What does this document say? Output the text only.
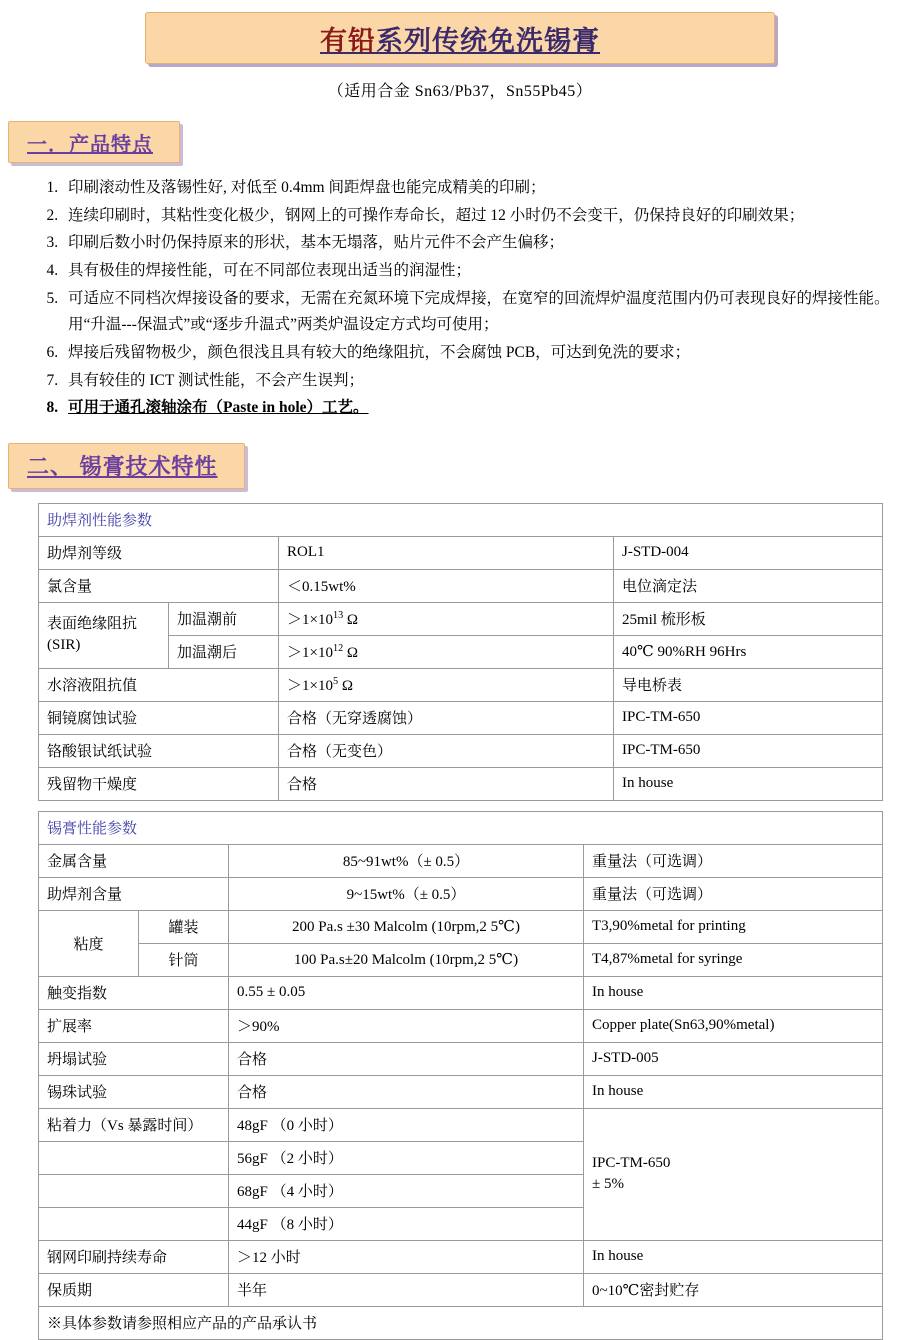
有铅系列传统免洗锡膏
（适用合金 Sn63/Pb37，Sn55Pb45）
一．产品特点
1. 印刷滚动性及落锡性好, 对低至 0.4mm 间距焊盘也能完成精美的印刷；
2. 连续印刷时，其粘性变化极少，钢网上的可操作寿命长，超过 12 小时仍不会变干，仍保持良好的印刷效果；
3. 印刷后数小时仍保持原来的形状，基本无塌落，贴片元件不会产生偏移；
4. 具有极佳的焊接性能，可在不同部位表现出适当的润湿性；
5. 可适应不同档次焊接设备的要求，无需在充氮环境下完成焊接，在宽窄的回流焊炉温度范围内仍可表现良好的焊接性能。用“升温---保温式”或“逐步升温式”两类炉温设定方式均可使用；
6. 焊接后残留物极少，颜色很浅且具有较大的绝缘阻抗，不会腐蚀 PCB，可达到免洗的要求；
7. 具有较佳的 ICT 测试性能，不会产生误判；
8. 可用于通孔滚轴涂布（Paste in hole）工艺。
二、 锡膏技术特性
助焊剂性能参数			
助焊剂等级		ROL1	J-STD-004
氯含量		＜0.15wt%	电位滴定法
表面绝缘阻抗
(SIR)	加温潮前	$>1\times 10^{13}$ Ω	25mil 梳形板
	加温潮后	$>1\times 10^{12}$ Ω	40℃ 90%RH 96Hrs
水溶液阻抗值		$>1\times 10^5$ Ω	导电桥表
铜镜腐蚀试验		合格（无穿透腐蚀）	IPC-TM-650
铬酸银试纸试验		合格（无变色）	IPC-TM-650
残留物干燥度		合格	In house
锡膏性能参数			
金属含量		85~91wt%（± 0.5）	重量法（可选调）
助焊剂含量		9~15wt%（± 0.5）	重量法（可选调）
粘度	罐装	200 Pa.s ±30 Malcolm (10rpm,2 5℃)	T3,90%metal for printing
	针筒	100 Pa.s±20 Malcolm (10rpm,2 5℃)	T4,87%metal for syringe
触变指数		0.55 ± 0.05	In house
扩展率		＞90%	Copper plate(Sn63,90%metal)
坍塌试验		合格	J-STD-005
锡珠试验		合格	In house
粘着力（Vs 暴露时间）		48gF （0 小时）	IPC-TM-650
± 5%
		56gF （2 小时）	
		68gF （4 小时）	
		44gF （8 小时）	
钢网印刷持续寿命		＞12 小时	In house
保质期		半年	0~10℃密封贮存
※具体参数请参照相应产品的产品承认书			
